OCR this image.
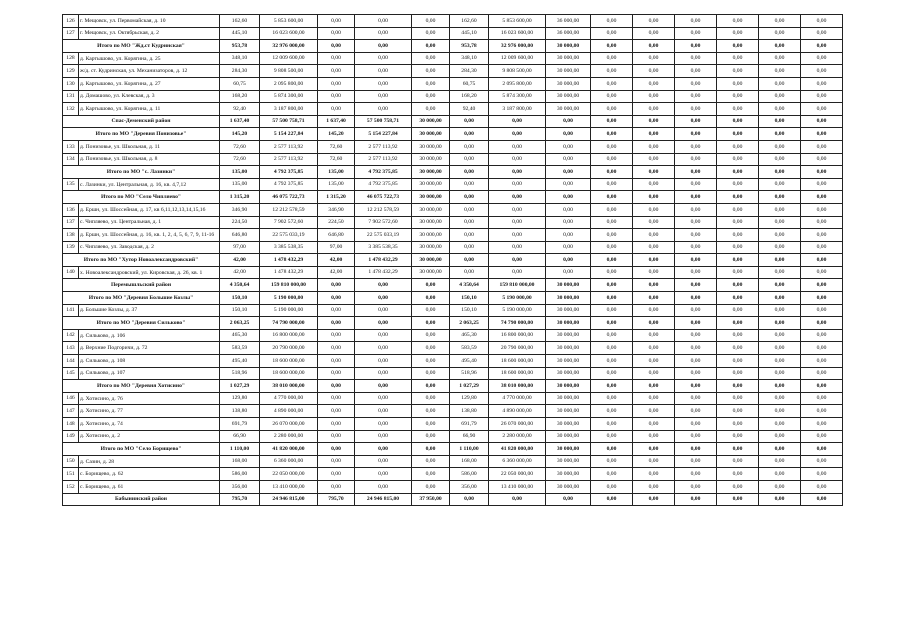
126	г. Мещовск, ул. Первомайская, д. 10	162,60	5 853 600,00	0,00	0,00	0,00	162,60	5 853 600,00	36 000,00	0,00	0,00	0,00	0,00	0,00	0,00
127	г. Мещовск, ул. Октябрьская, д. 2	445,10	16 023 600,00	0,00	0,00	0,00	445,10	16 023 600,00	36 000,00	0,00	0,00	0,00	0,00	0,00	0,00
Итого по МО "Жд.ст Кудринская"		953,78	32 976 000,00	0,00	0,00	0,00	953,78	32 976 000,00	30 000,00	0,00	0,00	0,00	0,00	0,00	0,00
128	д. Картышово, ул. Корягина, д. 25	348,10	12 009 600,00	0,00	0,00	0,00	348,10	12 009 600,00	30 000,00	0,00	0,00	0,00	0,00	0,00	0,00
129	ж/д. ст. Кудринская, ул. Механизаторов, д. 12	284,30	9 808 500,00	0,00	0,00	0,00	284,30	9 808 500,00	30 000,00	0,00	0,00	0,00	0,00	0,00	0,00
130	д. Картышово, ул. Корягина, д. 27	60,75	2 095 800,00	0,00	0,00	0,00	60,75	2 095 800,00	30 000,00	0,00	0,00	0,00	0,00	0,00	0,00
131	д. Домашово, ул. Клевская, д. 3	168,20	5 874 300,00	0,00	0,00	0,00	168,20	5 874 300,00	30 000,00	0,00	0,00	0,00	0,00	0,00	0,00
132	д. Картышово, ул. Корягина, д. 11	92,40	3 187 800,00	0,00	0,00	0,00	92,40	3 187 800,00	30 000,00	0,00	0,00	0,00	0,00	0,00	0,00
Спас-Деменский район		1 637,40	57 500 758,71	1 637,40	57 500 758,71	30 000,00	0,00	0,00	0,00	0,00	0,00	0,00	0,00	0,00	0,00
Итого по МО "Деревня Понизовье"		145,20	5 154 227,84	145,20	5 154 227,84	30 000,00	0,00	0,00	0,00	0,00	0,00	0,00	0,00	0,00	0,00
133	д. Понизовье, ул. Школьная, д. 11	72,60	2 577 113,92	72,60	2 577 113,92	30 000,00	0,00	0,00	0,00	0,00	0,00	0,00	0,00	0,00	0,00
134	д. Понизовье, ул. Школьная, д. 8	72,60	2 577 113,92	72,60	2 577 113,92	30 000,00	0,00	0,00	0,00	0,00	0,00	0,00	0,00	0,00	0,00
Итого по МО "с. Лазинки"		135,00	4 792 375,85	135,00	4 792 375,85	30 000,00	0,00	0,00	0,00	0,00	0,00	0,00	0,00	0,00	0,00
135	с. Лазинки, ул. Центральная, д. 16, кв. 4,7,12	135,00	4 792 375,85	135,00	4 792 375,85	30 000,00	0,00	0,00	0,00	0,00	0,00	0,00	0,00	0,00	0,00
Итого по МО "Село Чипляево"		1 315,20	46 075 722,73	1 315,20	46 075 722,73	30 000,00	0,00	0,00	0,00	0,00	0,00	0,00	0,00	0,00	0,00
136	д. Ершн, ул. Шоссейная, д. 17, кв 6,11,12,13,14,15,16	346,90	12 212 578,59	346,90	12 212 578,59	30 000,00	0,00	0,00	0,00	0,00	0,00	0,00	0,00	0,00	0,00
137	с. Чипляево, ул. Центральная, д. 1	224,50	7 902 572,60	224,50	7 902 572,60	30 000,00	0,00	0,00	0,00	0,00	0,00	0,00	0,00	0,00	0,00
138	д. Ершн, ул. Шоссейная, д. 16, кв. 1, 2, 4, 5, 6, 7, 9, 11-16	646,80	22 575 033,19	646,80	22 575 033,19	30 000,00	0,00	0,00	0,00	0,00	0,00	0,00	0,00	0,00	0,00
139	с. Чипляево, ул. Заводская, д. 2	97,00	3 385 538,35	97,00	3 385 538,35	30 000,00	0,00	0,00	0,00	0,00	0,00	0,00	0,00	0,00	0,00
Итого по МО "Хутор Новоалександровский"		42,00	1 478 432,29	42,00	1 478 432,29	30 000,00	0,00	0,00	0,00	0,00	0,00	0,00	0,00	0,00	0,00
140	х. Новоалександровский, ул. Кировская, д. 26, кв. 1	42,00	1 478 432,29	42,00	1 478 432,29	30 000,00	0,00	0,00	0,00	0,00	0,00	0,00	0,00	0,00	0,00
Перемышльский район		4 350,64	159 810 000,00	0,00	0,00	0,00	4 350,64	159 810 000,00	30 000,00	0,00	0,00	0,00	0,00	0,00	0,00
Итого по МО "Деревня Большие Козлы"		150,10	5 190 000,00	0,00	0,00	0,00	150,10	5 190 000,00	30 000,00	0,00	0,00	0,00	0,00	0,00	0,00
141	д. Большие Козлы, д. 37	150,10	5 190 000,00	0,00	0,00	0,00	150,10	5 190 000,00	30 000,00	0,00	0,00	0,00	0,00	0,00	0,00
Итого по МО "Деревня Сильково"		2 063,25	74 790 000,00	0,00	0,00	0,00	2 063,25	74 790 000,00	30 000,00	0,00	0,00	0,00	0,00	0,00	0,00
142	д. Сильково, д. 106	465,30	16 800 000,00	0,00	0,00	0,00	465,30	16 800 000,00	30 000,00	0,00	0,00	0,00	0,00	0,00	0,00
143	д. Верхние Подгоричи, д. 72	583,59	20 790 000,00	0,00	0,00	0,00	583,59	20 790 000,00	30 000,00	0,00	0,00	0,00	0,00	0,00	0,00
144	д. Сильково, д. 108	495,40	18 600 000,00	0,00	0,00	0,00	495,40	18 600 000,00	30 000,00	0,00	0,00	0,00	0,00	0,00	0,00
145	д. Сильково, д. 107	518,96	18 600 000,00	0,00	0,00	0,00	518,96	18 600 000,00	30 000,00	0,00	0,00	0,00	0,00	0,00	0,00
Итого по МО "Деревня Хотисино"		1 027,29	38 010 000,00	0,00	0,00	0,00	1 027,29	38 010 000,00	30 000,00	0,00	0,00	0,00	0,00	0,00	0,00
146	д. Хотисино, д. 76	129,80	4 770 000,00	0,00	0,00	0,00	129,80	4 770 000,00	30 000,00	0,00	0,00	0,00	0,00	0,00	0,00
147	д. Хотисино, д. 77	138,80	4 890 000,00	0,00	0,00	0,00	138,80	4 890 000,00	30 000,00	0,00	0,00	0,00	0,00	0,00	0,00
148	д. Хотисино, д. 74	691,79	26 070 000,00	0,00	0,00	0,00	691,79	26 070 000,00	30 000,00	0,00	0,00	0,00	0,00	0,00	0,00
149	д. Хотисино, д. 2	66,90	2 280 000,00	0,00	0,00	0,00	66,90	2 280 000,00	30 000,00	0,00	0,00	0,00	0,00	0,00	0,00
Итого по МО "Село Борищево"		1 110,00	41 820 000,00	0,00	0,00	0,00	1 110,00	41 820 000,00	30 000,00	0,00	0,00	0,00	0,00	0,00	0,00
150	д. Сазин, д. 28	168,00	6 360 000,00	0,00	0,00	0,00	168,00	6 360 000,00	30 000,00	0,00	0,00	0,00	0,00	0,00	0,00
151	с. Борищево, д. 62	586,00	22 050 000,00	0,00	0,00	0,00	586,00	22 050 000,00	30 000,00	0,00	0,00	0,00	0,00	0,00	0,00
152	с. Борищево, д. 61	356,00	13 410 000,00	0,00	0,00	0,00	356,00	13 410 000,00	30 000,00	0,00	0,00	0,00	0,00	0,00	0,00
Бабынинский район		795,70	24 946 815,00	795,70	24 946 815,00	37 950,00	0,00	0,00	0,00	0,00	0,00	0,00	0,00	0,00	0,00
